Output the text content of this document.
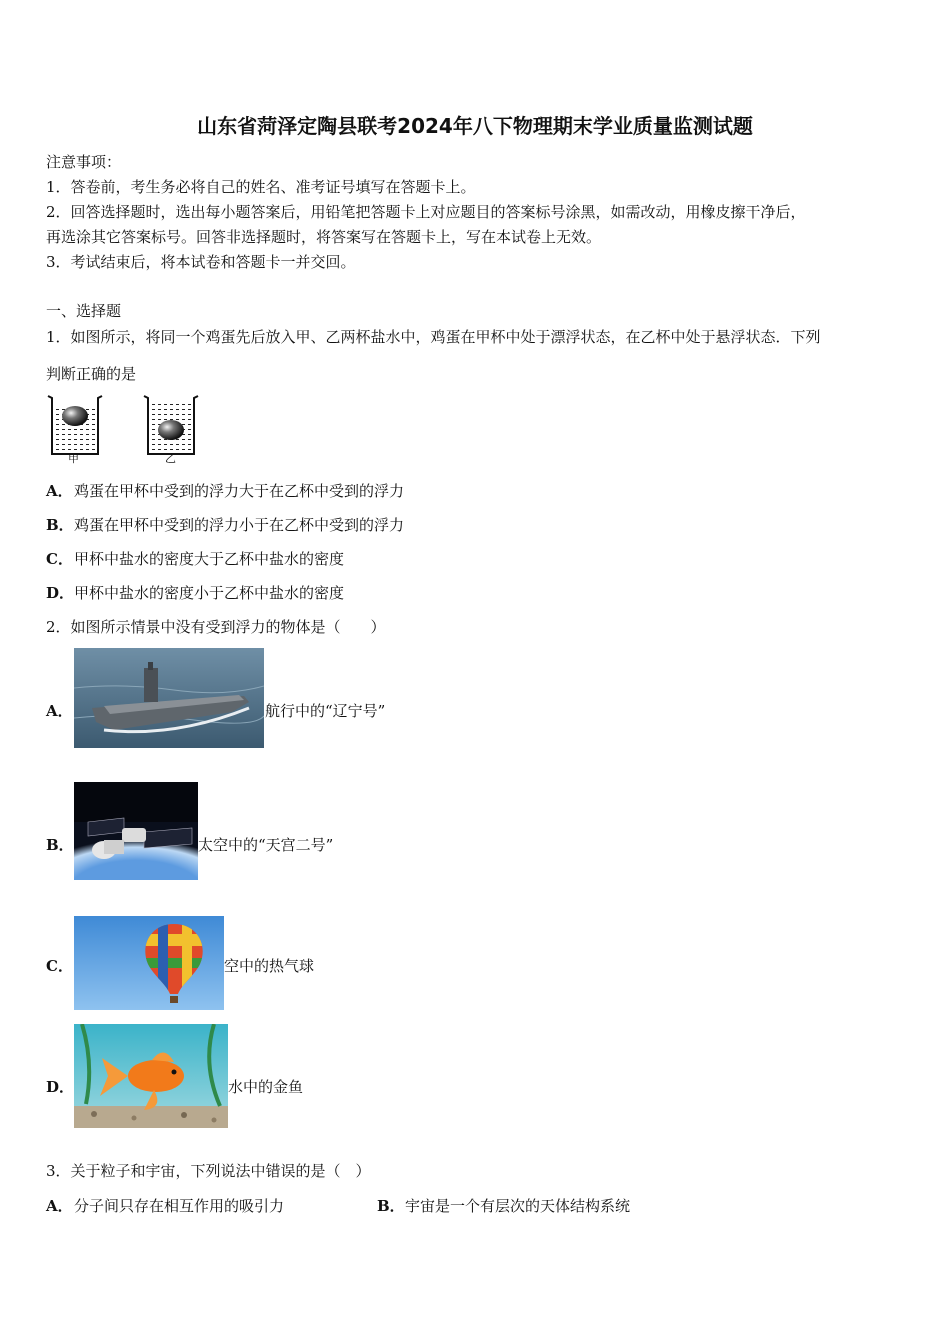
山东省菏泽定陶县联考2024年八下物理期末学业质量监测试题
注意事项：
1．答卷前，考生务必将自己的姓名、准考证号填写在答题卡上。
2．回答选择题时，选出每小题答案后，用铅笔把答题卡上对应题目的答案标号涂黑，如需改动，用橡皮擦干净后，
再选涂其它答案标号。回答非选择题时，将答案写在答题卡上，写在本试卷上无效。
3．考试结束后，将本试卷和答题卡一并交回。
一、选择题
1．如图所示，将同一个鸡蛋先后放入甲、乙两杯盐水中，鸡蛋在甲杯中处于漂浮状态，在乙杯中处于悬浮状态．下列
判断正确的是
甲	乙
A． 鸡蛋在甲杯中受到的浮力大于在乙杯中受到的浮力
B． 鸡蛋在甲杯中受到的浮力小于在乙杯中受到的浮力
C． 甲杯中盐水的密度大于乙杯中盐水的密度
D． 甲杯中盐水的密度小于乙杯中盐水的密度
2．如图所示情景中没有受到浮力的物体是（　　）
A．	航行中的“辽宁号”
B．	太空中的“天宫二号”
C．	空中的热气球
D．	水中的金鱼
3．关于粒子和宇宙，下列说法中错误的是（　）
A． 分子间只存在相互作用的吸引力	B． 宇宙是一个有层次的天体结构系统
